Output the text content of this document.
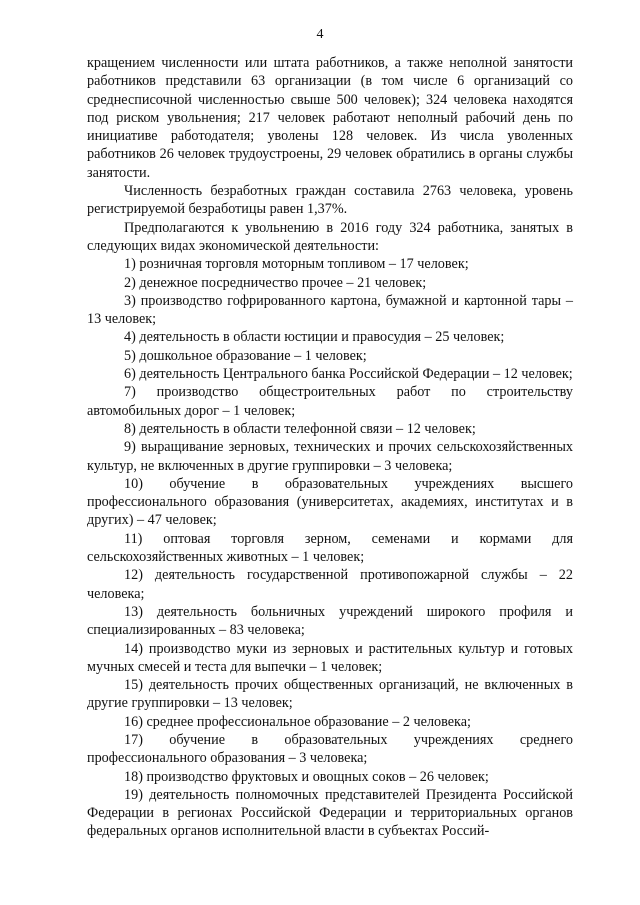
4

кращением численности или штата работников, а также неполной занятости работников представили 63 организации (в том числе 6 организаций со среднесписочной численностью свыше 500 человек); 324 человека находятся под риском увольнения; 217 человек работают неполный рабочий день по инициативе работодателя; уволены 128 человек. Из числа уволенных работников 26 человек трудоустроены, 29 человек обратились в органы службы занятости.

Численность безработных граждан составила 2763 человека, уровень регистрируемой безработицы равен 1,37%.

Предполагаются к увольнению в 2016 году 324 работника, занятых в следующих видах экономической деятельности:

1) розничная торговля моторным топливом – 17 человек;

2) денежное посредничество прочее – 21 человек;

3) производство гофрированного картона, бумажной и картонной тары – 13 человек;

4) деятельность в области юстиции и правосудия – 25 человек;

5) дошкольное образование – 1 человек;

6) деятельность Центрального банка Российской Федерации – 12 человек;

7) производство общестроительных работ по строительству автомобильных дорог – 1 человек;

8) деятельность в области телефонной связи – 12 человек;

9) выращивание зерновых, технических и прочих сельскохозяйственных культур, не включенных в другие группировки – 3 человека;

10) обучение в образовательных учреждениях высшего профессионального образования (университетах, академиях, институтах и в других) – 47 человек;

11) оптовая торговля зерном, семенами и кормами для сельскохозяйственных животных – 1 человек;

12) деятельность государственной противопожарной службы – 22 человека;

13) деятельность больничных учреждений широкого профиля и специализированных – 83 человека;

14) производство муки из зерновых и растительных культур и готовых мучных смесей и теста для выпечки – 1 человек;

15) деятельность прочих общественных организаций, не включенных в другие группировки – 13 человек;

16) среднее профессиональное образование – 2 человека;

17) обучение в образовательных учреждениях среднего профессионального образования – 3 человека;

18) производство фруктовых и овощных соков – 26 человек;

19) деятельность полномочных представителей Президента Российской Федерации в регионах Российской Федерации и территориальных органов федеральных органов исполнительной власти в субъектах Россий-
